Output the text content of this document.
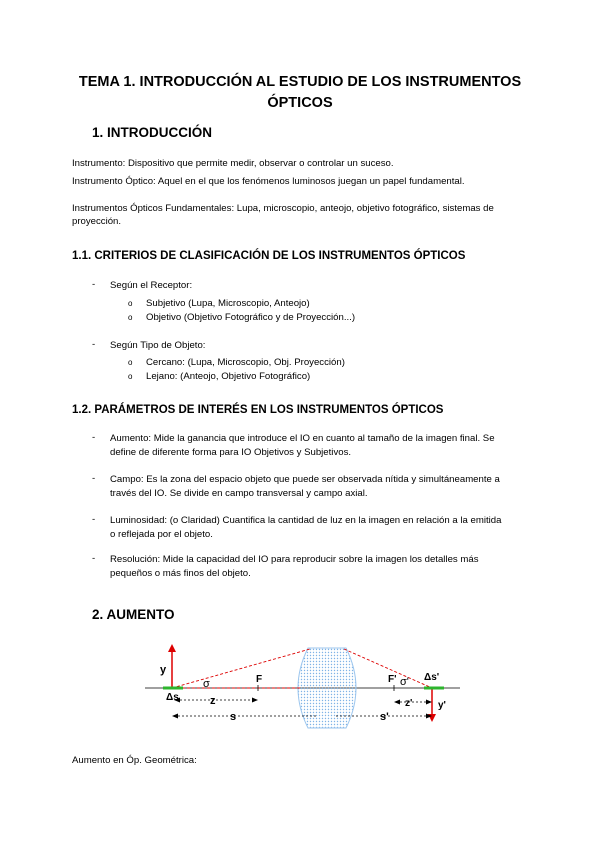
TEMA 1. INTRODUCCIÓN AL ESTUDIO DE LOS INSTRUMENTOS
ÓPTICOS
1. INTRODUCCIÓN
Instrumento: Dispositivo que permite medir, observar o controlar un suceso.
Instrumento Óptico: Aquel en el que los fenómenos luminosos juegan un papel fundamental.
Instrumentos Ópticos Fundamentales: Lupa, microscopio, anteojo, objetivo fotográfico, sistemas de
proyección.
1.1. CRITERIOS DE CLASIFICACIÓN DE LOS INSTRUMENTOS ÓPTICOS
- Según el Receptor:
o Subjetivo (Lupa, Microscopio, Anteojo)
o Objetivo (Objetivo Fotográfico y de Proyección...)
- Según Tipo de Objeto:
o Cercano: (Lupa, Microscopio, Obj. Proyección)
o Lejano: (Anteojo, Objetivo Fotográfico)
1.2. PARÁMETROS DE INTERÉS EN LOS INSTRUMENTOS ÓPTICOS
- Aumento: Mide la ganancia que introduce el IO en cuanto al tamaño de la imagen final. Se
define de diferente forma para IO Objetivos y Subjetivos.
- Campo: Es la zona del espacio objeto que puede ser observada nítida y simultáneamente a
través del IO. Se divide en campo transversal y campo axial.
- Luminosidad: (o Claridad) Cuantifica la cantidad de luz en la imagen en relación a la emitida
o reflejada por el objeto.
- Resolución: Mide la capacidad del IO para reproducir sobre la imagen los detalles más
pequeños o más finos del objeto.
2. AUMENTO
y
Δs
σ	F	F' σ' Δs'
z	z'	y'
s	s'
Aumento en Óp. Geométrica:
